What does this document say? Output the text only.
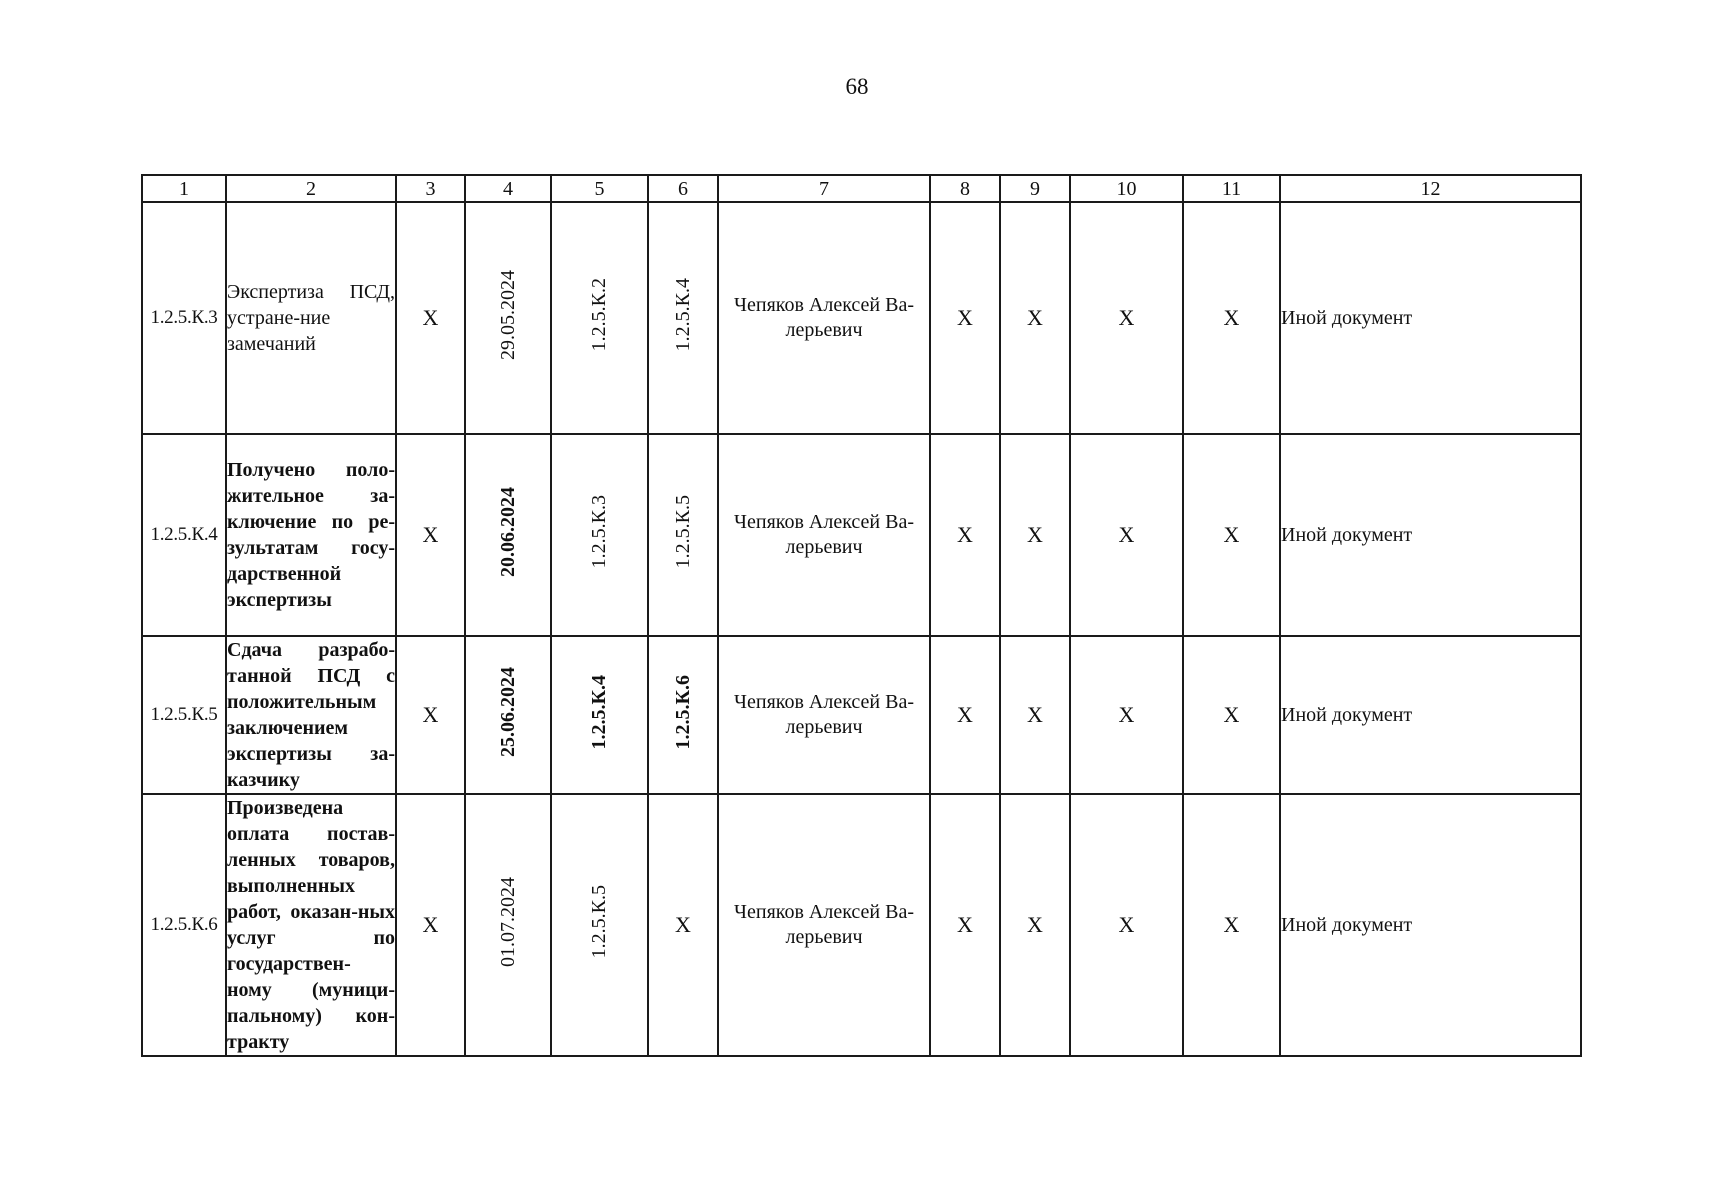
68
1	2	3	4	5	6	7	8	9	10	11	12
1.2.5.К.3	Экспертиза ПСД, устране-ние замечаний	X	29.05.2024	1.2.5.К.2	1.2.5.К.4	Чепяков Алексей Ва-лерьевич	X	X	X	X	Иной документ
1.2.5.К.4	Получено поло-жительное за-ключение по ре-зультатам госу-дарственной экспертизы	X	20.06.2024	1.2.5.К.3	1.2.5.К.5	Чепяков Алексей Ва-лерьевич	X	X	X	X	Иной документ
1.2.5.К.5	Сдача разрабо-танной ПСД с положительным заключением экспертизы за-казчику	X	25.06.2024	1.2.5.К.4	1.2.5.К.6	Чепяков Алексей Ва-лерьевич	X	X	X	X	Иной документ
1.2.5.К.6	Произведена оплата постав-ленных товаров, выполненных работ, оказан-ных услуг по государствен-ному (муници-пальному) кон-тракту	X	01.07.2024	1.2.5.К.5	X	Чепяков Алексей Ва-лерьевич	X	X	X	X	Иной документ
